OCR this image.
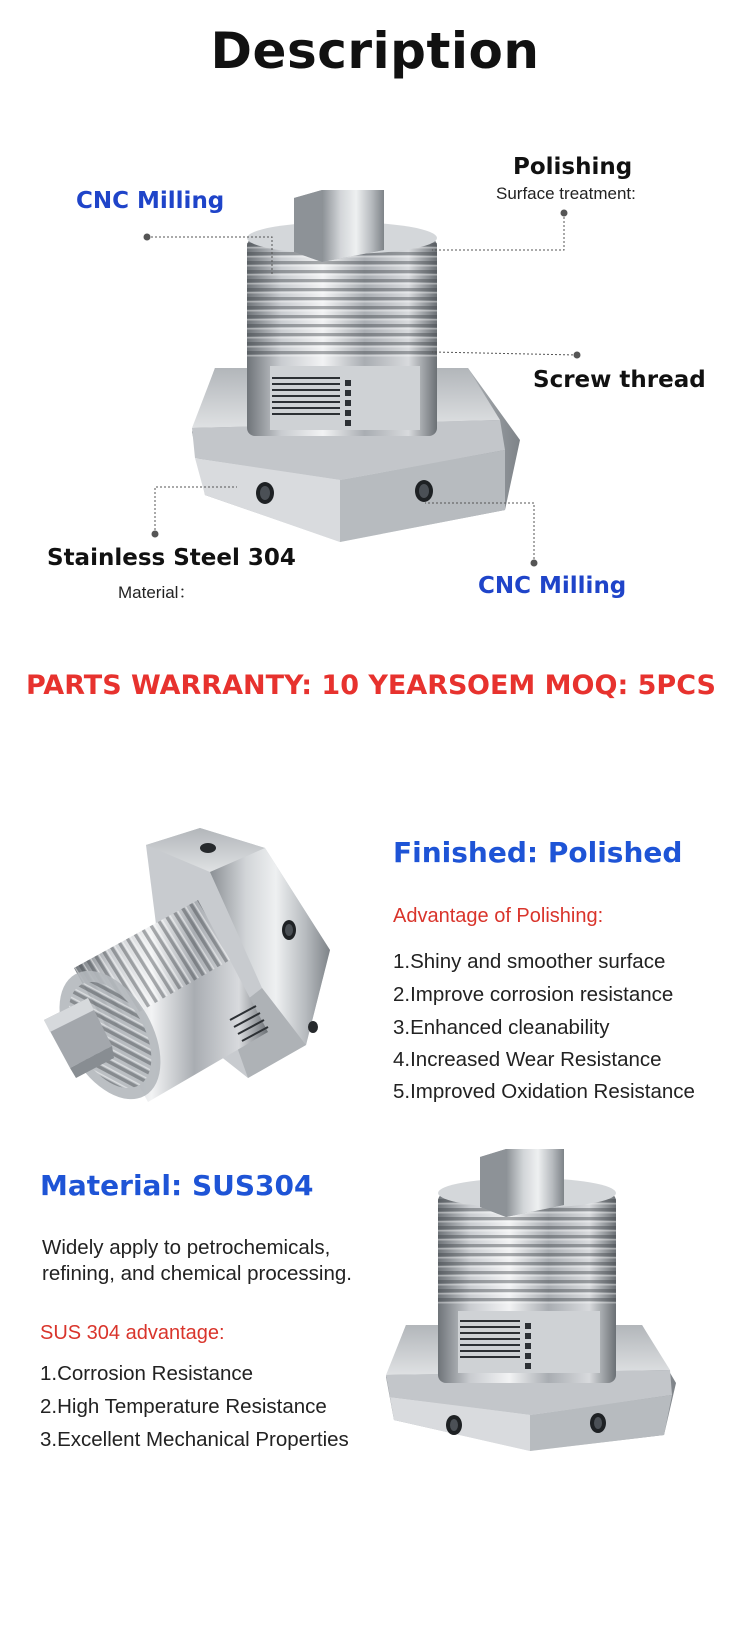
Description
CNC Milling
Polishing
Surface treatment:
Screw thread
Stainless Steel 304
Material：	CNC Milling
PARTS WARRANTY: 10 YEARS OEM MOQ: 5PCS
Finished: Polished
Advantage of Polishing:
1.Shiny and smoother surface
2.Improve corrosion resistance
3.Enhanced cleanability
4.Increased Wear Resistance
5.Improved Oxidation Resistance
Material: SUS304
Widely apply to petrochemicals,
refining, and chemical processing.
SUS 304 advantage:
1.Corrosion Resistance
2.High Temperature Resistance
3.Excellent Mechanical Properties
